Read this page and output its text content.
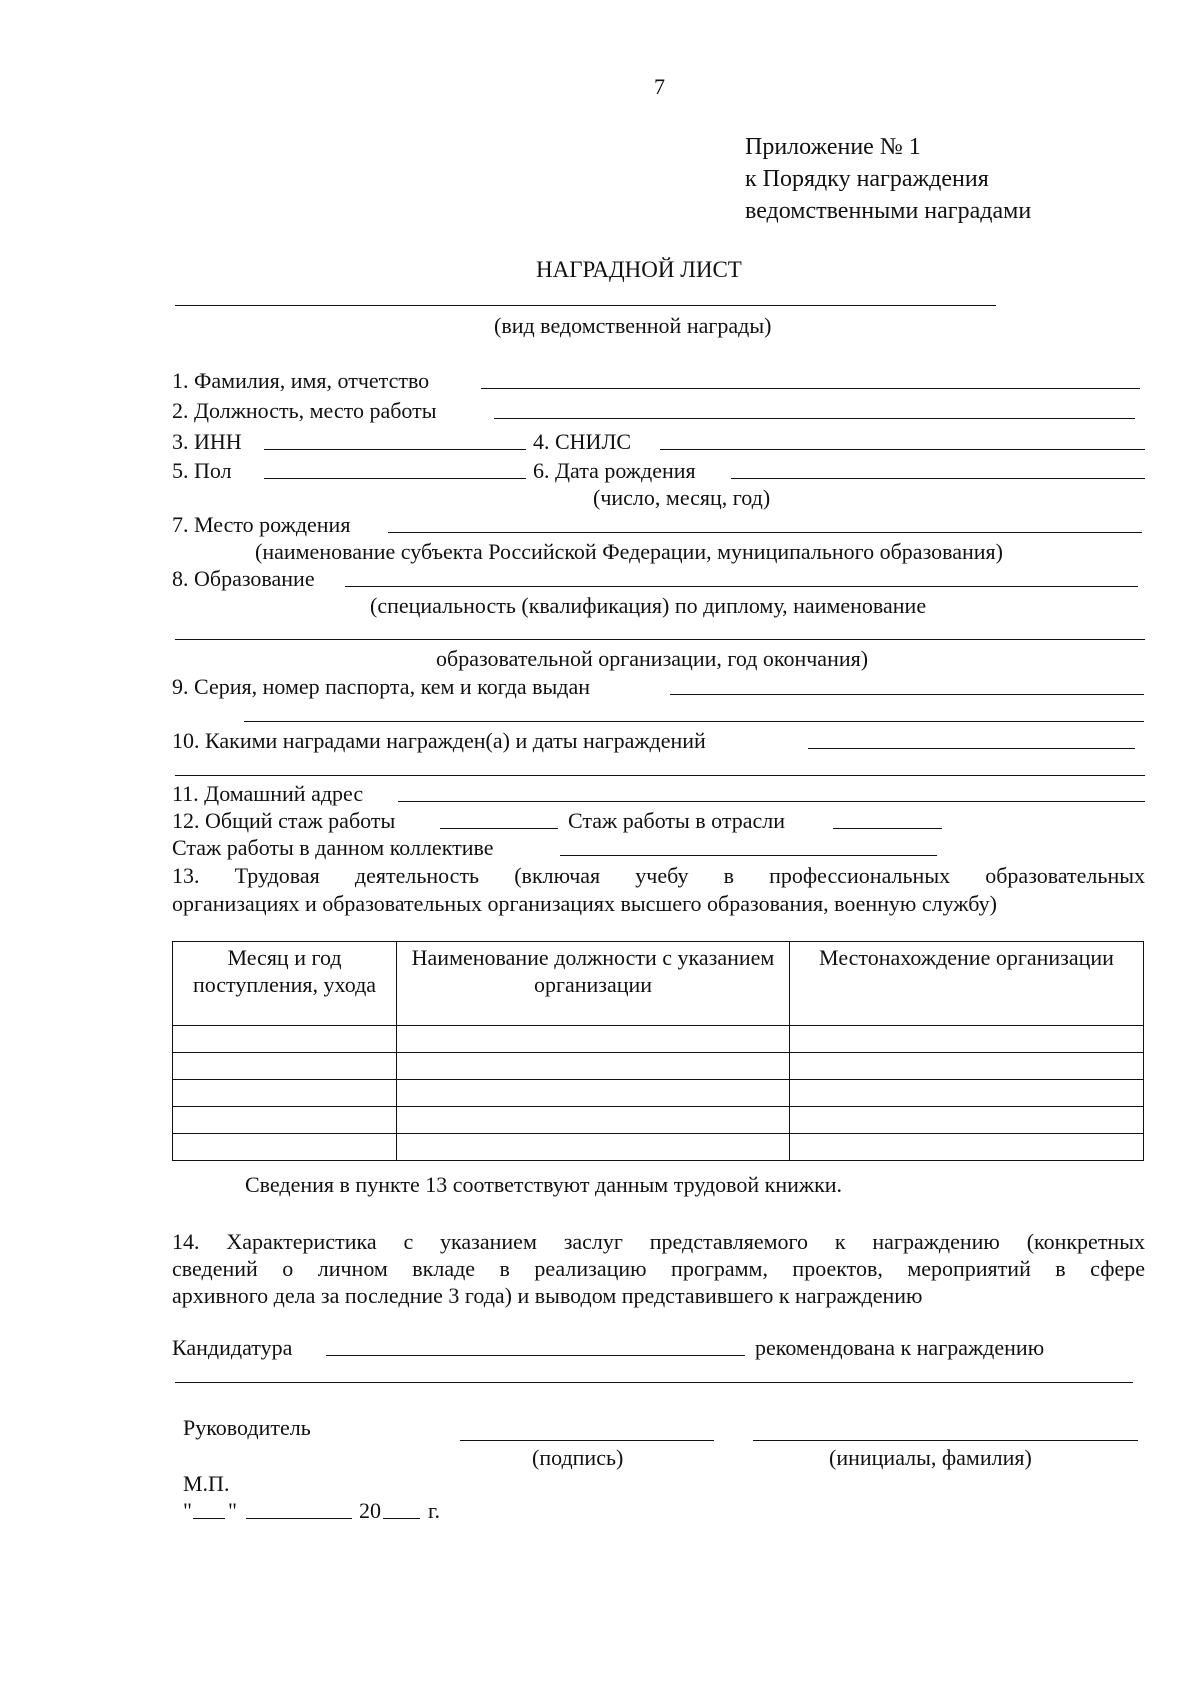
7
Приложение № 1
к Порядку награждения
ведомственными наградами
НАГРАДНОЙ ЛИСТ
(вид ведомственной награды)
1. Фамилия, имя, отчетство
2. Должность, место работы
3. ИНН	4. СНИЛС
5. Пол	6. Дата рождения
(число, месяц, год)
7. Место рождения
(наименование субъекта Российской Федерации, муниципального образования)
8. Образование
(специальность (квалификация) по диплому, наименование
образовательной организации, год окончания)
9. Серия, номер паспорта, кем и когда выдан
10. Какими наградами награжден(а) и даты награждений
11. Домашний адрес
12. Общий стаж работы	Стаж работы в отрасли
Стаж работы в данном коллективе
13. Трудовая деятельность (включая учебу в профессиональных образовательных
организациях и образовательных организациях высшего образования, военную службу)
Месяц и год поступления, ухода	Наименование должности с указанием организации	Местонахождение организации

Сведения в пункте 13 соответствуют данным трудовой книжки.
14. Характеристика с указанием заслуг представляемого к награждению (конкретных
сведений о личном вкладе в реализацию программ, проектов, мероприятий в сфере
архивного дела за последние 3 года) и выводом представившего к награждению
Кандидатура	рекомендована к награждению
Руководитель
(подпись)	(инициалы, фамилия)
М.П.
" "	20 г.
